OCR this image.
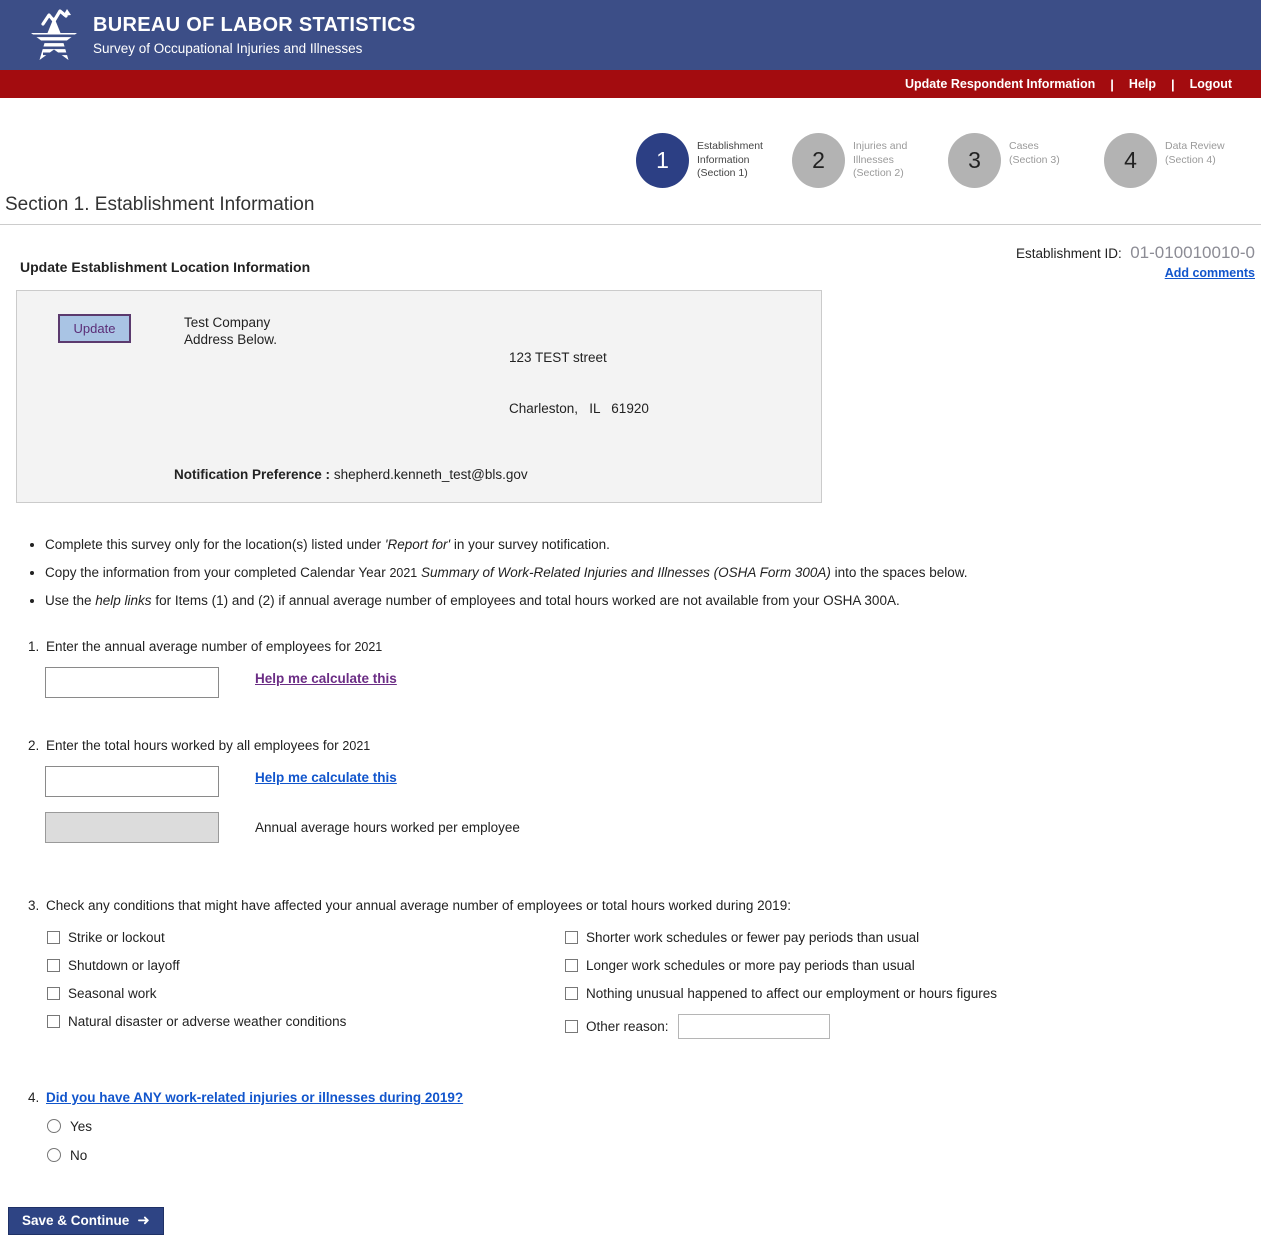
BUREAU OF LABOR STATISTICS
Survey of Occupational Injuries and Illnesses
Update Respondent Information | Help | Logout
1
Establishment Information
(Section 1)
2
Injuries and Illnesses
(Section 2)
3
Cases
(Section 3)	4
Data Review
(Section 4)
Section 1. Establishment Information
Update Establishment Location Information
Establishment ID: 01-010010010-0
Add comments
Update	Test Company
Address Below.

123 TEST street

Charleston,   IL   61920

Notification Preference : shepherd.kenneth_test@bls.gov
• Complete this survey only for the location(s) listed under 'Report for' in your survey notification.
• Copy the information from your completed Calendar Year 2021 Summary of Work-Related Injuries and Illnesses (OSHA Form 300A) into the spaces below.
• Use the help links for Items (1) and (2) if annual average number of employees and total hours worked are not available from your OSHA 300A.
1. Enter the annual average number of employees for 2021
Help me calculate this
2. Enter the total hours worked by all employees for 2021
Help me calculate this
Annual average hours worked per employee
3. Check any conditions that might have affected your annual average number of employees or total hours worked during 2019:
Strike or lockout
Shutdown or layoff
Seasonal work
Natural disaster or adverse weather conditions
Shorter work schedules or fewer pay periods than usual
Longer work schedules or more pay periods than usual
Nothing unusual happened to affect our employment or hours figures
Other reason:
4. Did you have ANY work-related injuries or illnesses during 2019?
Yes
No
Save & Continue ➜
